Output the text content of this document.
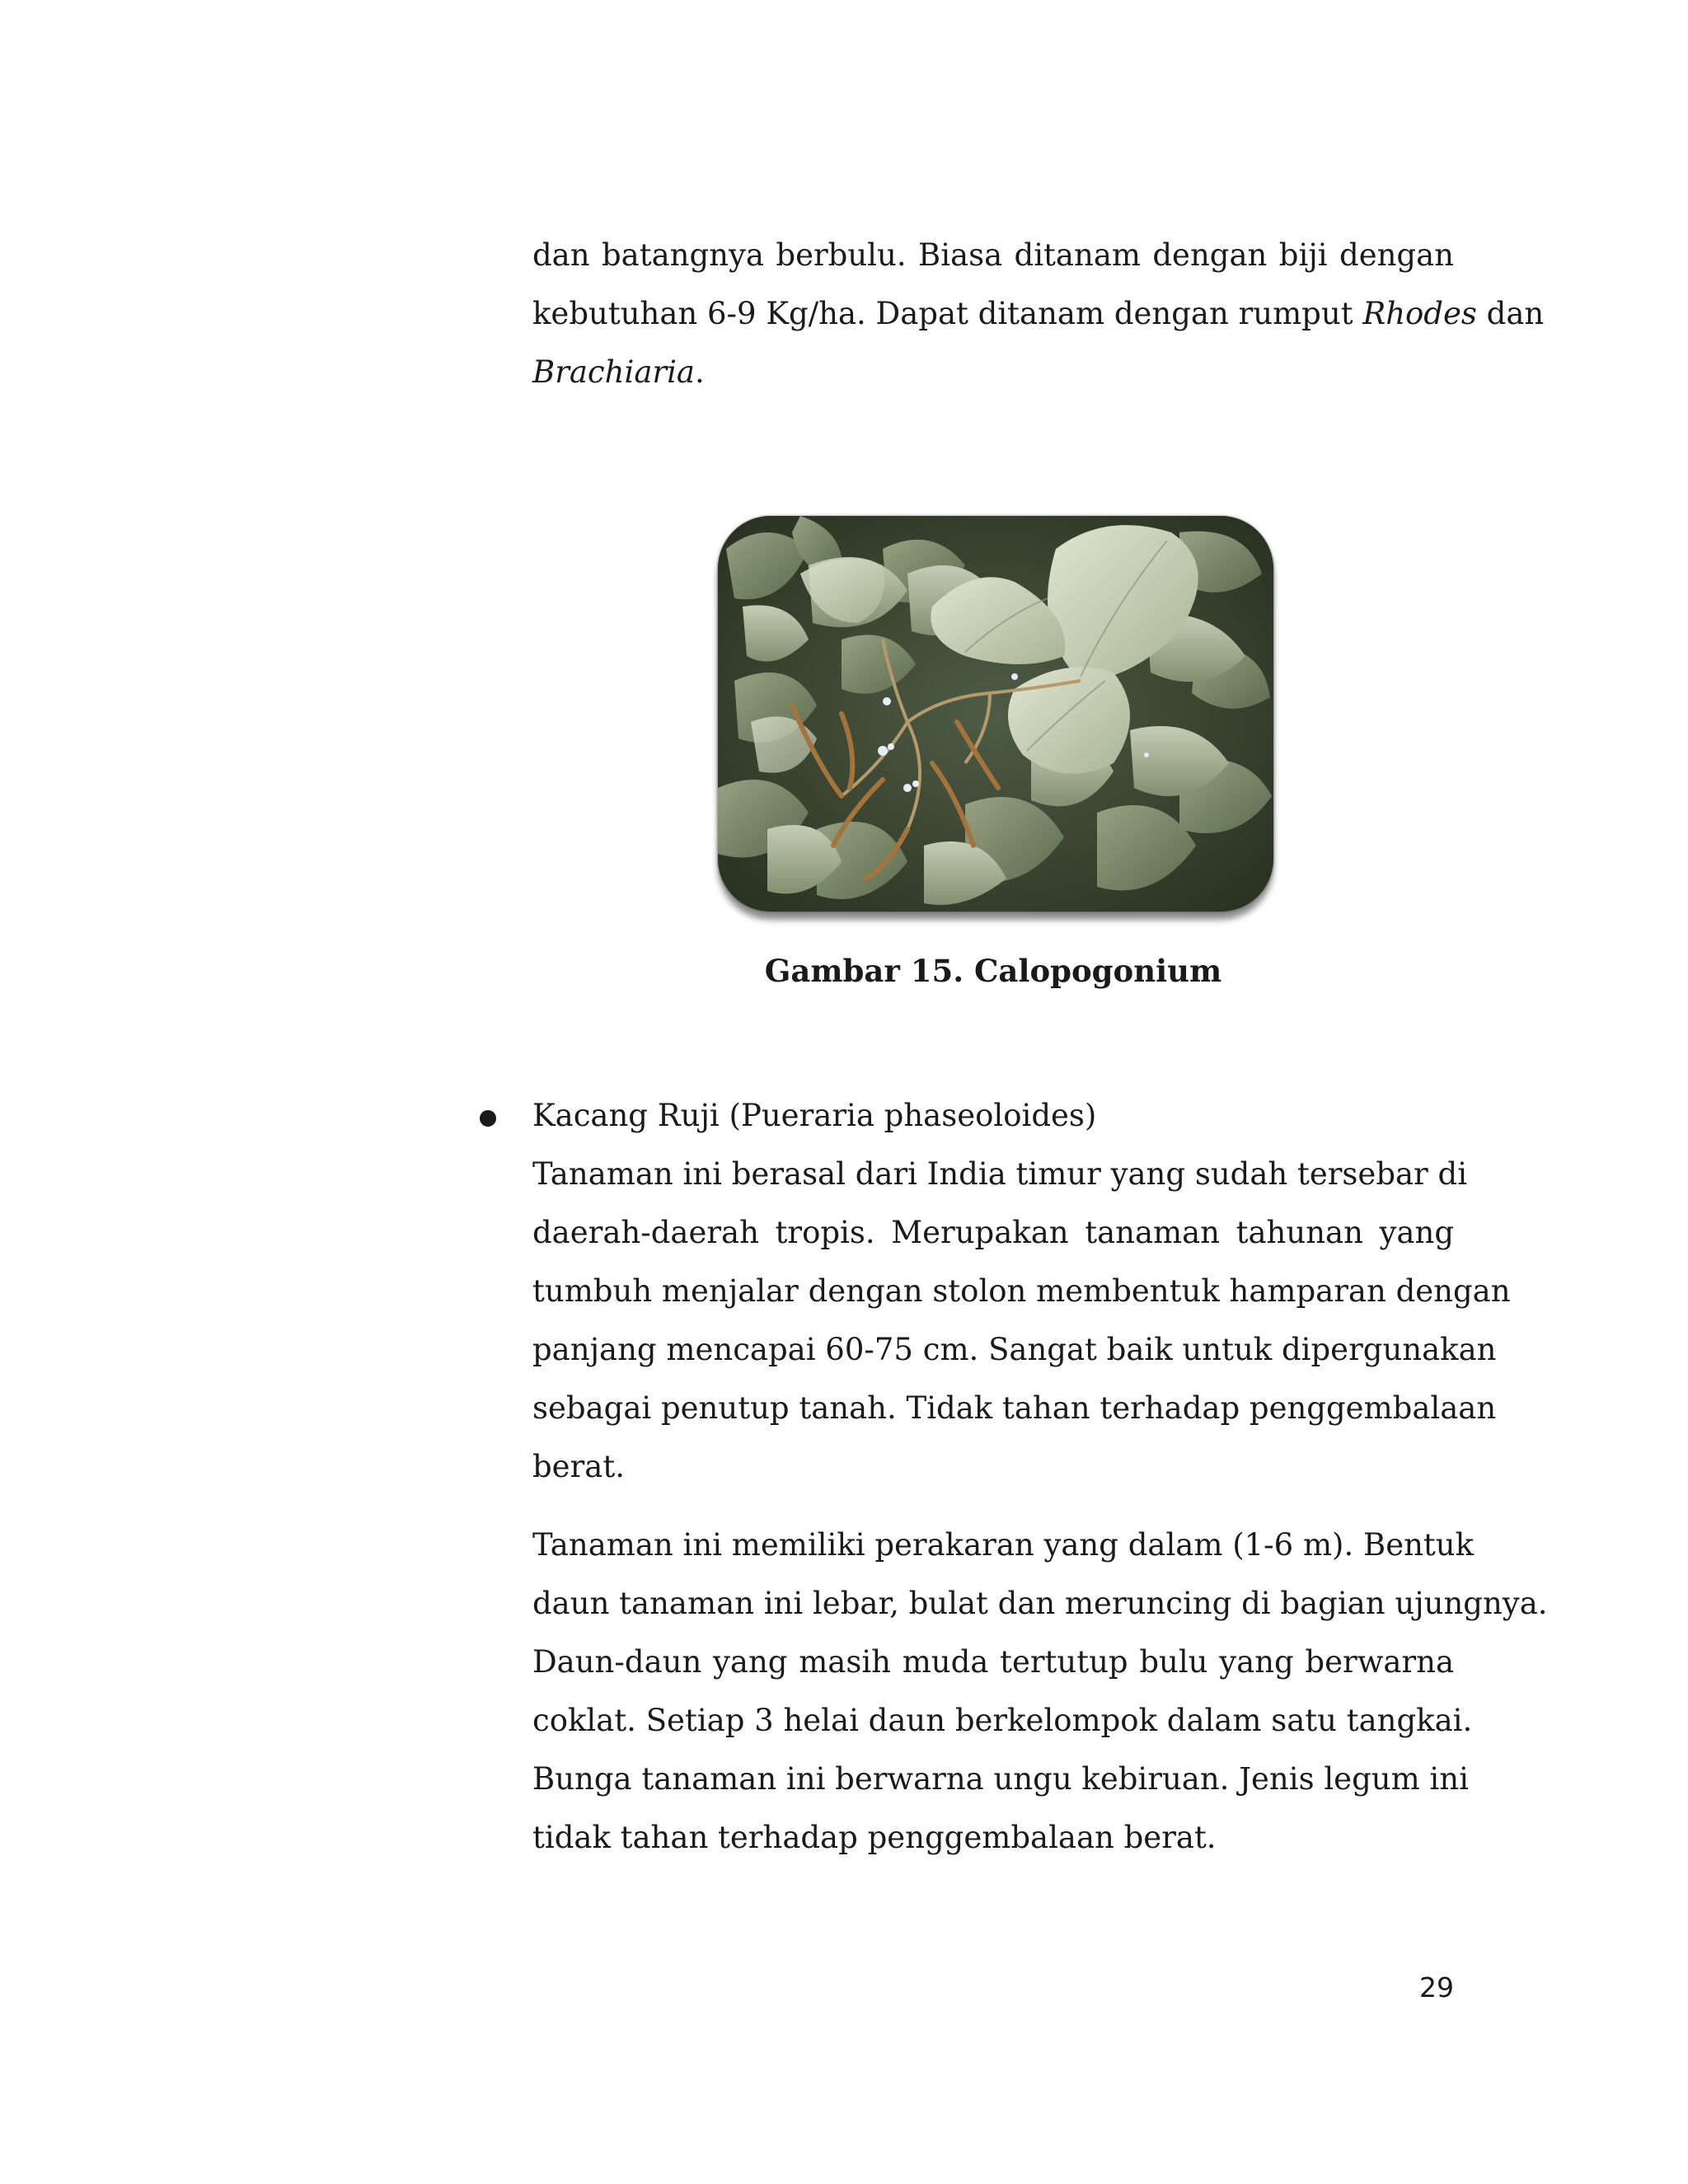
dan batangnya berbulu. Biasa ditanam dengan biji dengan
kebutuhan 6-9 Kg/ha. Dapat ditanam dengan rumput Rhodes dan
Brachiaria.
Gambar 15. Calopogonium
Kacang Ruji (Pueraria phaseoloides)
Tanaman ini berasal dari India timur yang sudah tersebar di
daerah-daerah tropis. Merupakan tanaman tahunan yang
tumbuh menjalar dengan stolon membentuk hamparan dengan
panjang mencapai 60-75 cm. Sangat baik untuk dipergunakan
sebagai penutup tanah. Tidak tahan terhadap penggembalaan
berat.
Tanaman ini memiliki perakaran yang dalam (1-6 m). Bentuk
daun tanaman ini lebar, bulat dan meruncing di bagian ujungnya.
Daun-daun yang masih muda tertutup bulu yang berwarna
coklat. Setiap 3 helai daun berkelompok dalam satu tangkai.
Bunga tanaman ini berwarna ungu kebiruan. Jenis legum ini
tidak tahan terhadap penggembalaan berat.
29
